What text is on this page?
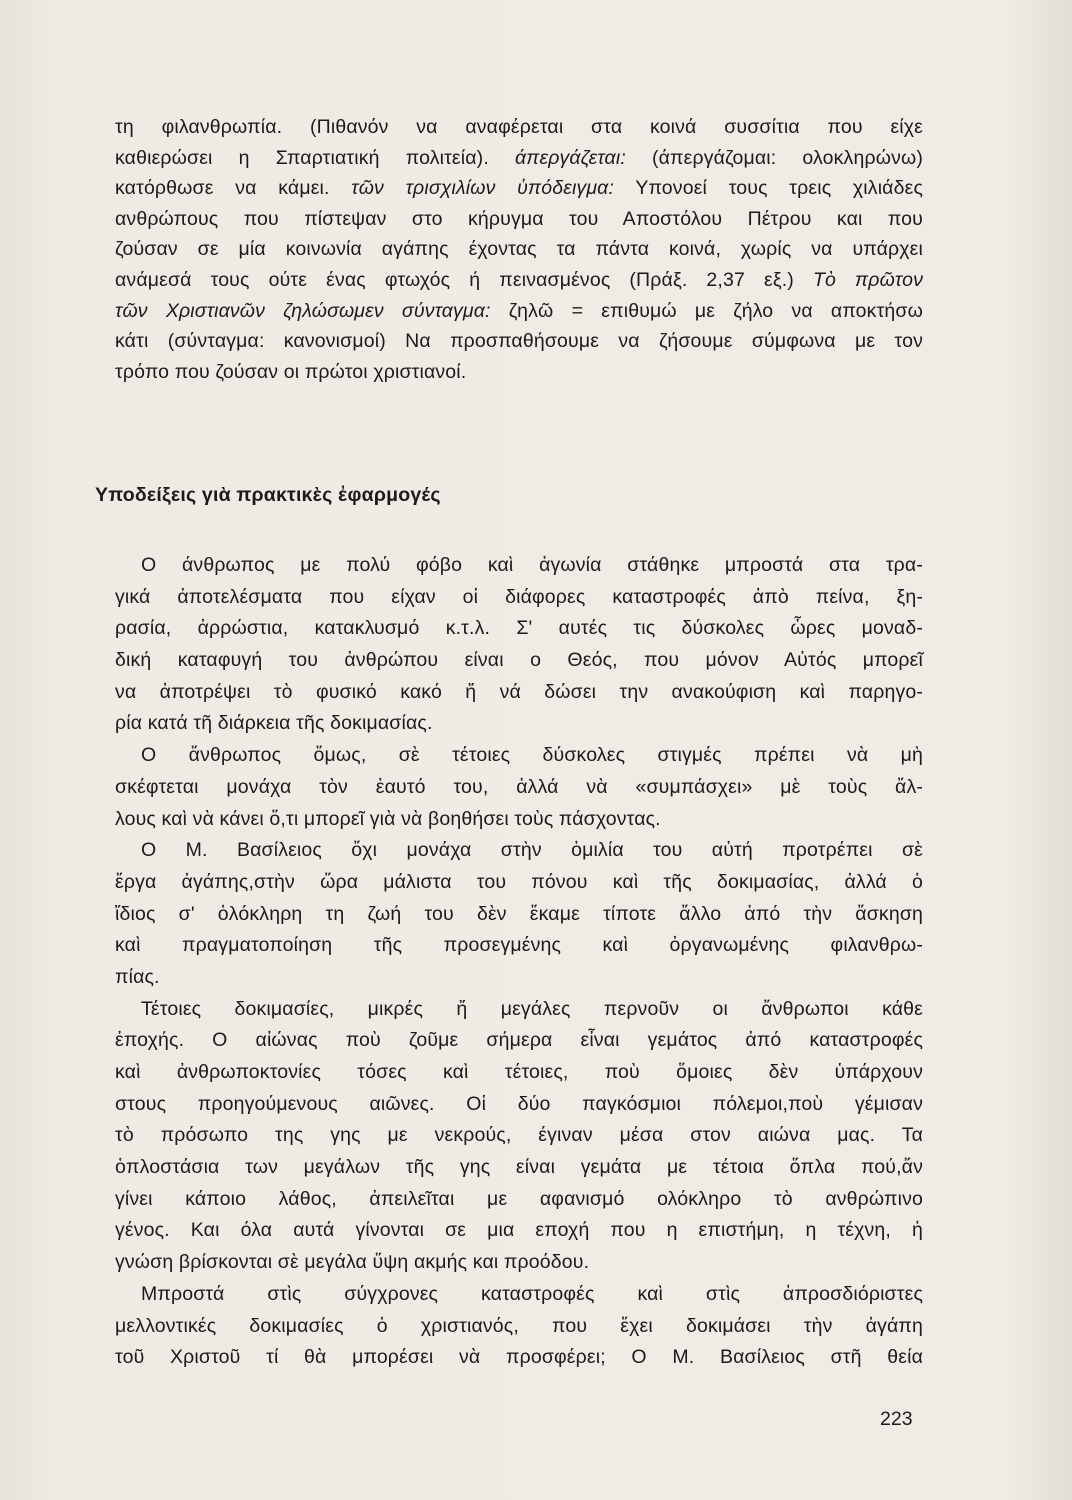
τη φιλανθρωπία. (Πιθανόν να αναφέρεται στα κοινά συσσίτια που είχε
καθιερώσει η Σπαρτιατική πολιτεία). άπεργάζεται: (άπεργάζομαι: ολοκληρώνω)
κατόρθωσε να κάμει. τῶν τρισχιλίων ὑπόδειγμα: Υπονοεί τους τρεις χιλιάδες
ανθρώπους που πίστεψαν στο κήρυγμα του Αποστόλου Πέτρου και που
ζούσαν σε μία κοινωνία αγάπης έχοντας τα πάντα κοινά, χωρίς να υπάρχει
ανάμεσά τους ούτε ένας φτωχός ή πεινασμένος (Πράξ. 2,37 εξ.) Τὸ πρῶτον
τῶν Χριστιανῶν ζηλώσωμεν σύνταγμα: ζηλῶ = επιθυμώ με ζήλο να αποκτήσω
κάτι (σύνταγμα: κανονισμοί) Να προσπαθήσουμε να ζήσουμε σύμφωνα με τον
τρόπο που ζούσαν οι πρώτοι χριστιανοί.
Υποδείξεις γιὰ πρακτικὲς ἐφαρμογές
Ο άνθρωπος με πολύ φόβο καὶ ἀγωνία στάθηκε μπροστά στα τρα-
γικά ἀποτελέσματα που είχαν οἱ διάφορες καταστροφές ἀπὸ πείνα, ξη-
ρασία, ἀρρώστια, κατακλυσμό κ.τ.λ. Σ' αυτές τις δύσκολες ὧρες μοναδ-
δική καταφυγή του ἀνθρώπου είναι ο Θεός, που μόνον Αὐτός μπορεῖ
να ἀποτρέψει τὸ φυσικό κακό ἤ νά δώσει την ανακούφιση καὶ παρηγο-
ρία κατά τῆ διάρκεια τῆς δοκιμασίας.
Ο ἄνθρωπος ὅμως, σὲ τέτοιες δύσκολες στιγμές πρέπει νὰ μὴ
σκέφτεται μονάχα τὸν ἑαυτό του, ἀλλά νὰ «συμπάσχει» μὲ τοὺς ἄλ-
λους καὶ νὰ κάνει ὅ,τι μπορεῖ γιὰ νὰ βοηθήσει τοὺς πάσχοντας.
Ο Μ. Βασίλειος ὄχι μονάχα στὴν ὁμιλία του αὐτή προτρέπει σὲ
ἔργα ἀγάπης,στὴν ὥρα μάλιστα του πόνου καὶ τῆς δοκιμασίας, ἀλλά ὁ
ἴδιος σ' ὁλόκληρη τη ζωή του δὲν ἔκαμε τίποτε ἄλλο ἀπό τὴν ἄσκηση
καὶ πραγματοποίηση τῆς προσεγμένης καὶ ὀργανωμένης φιλανθρω-
πίας.
Τέτοιες δοκιμασίες, μικρές ἤ μεγάλες περνοῦν οι ἄνθρωποι κάθε
ἐποχής. Ο αἰώνας ποὺ ζοῦμε σήμερα εἶναι γεμάτος ἀπό καταστροφές
καὶ ἀνθρωποκτονίες τόσες καὶ τέτοιες, ποὺ ὅμοιες δὲν ὑπάρχουν
στους προηγούμενους αιῶνες. Οἱ δύο παγκόσμιοι πόλεμοι,ποὺ γέμισαν
τὸ πρόσωπο της γης με νεκρούς, έγιναν μέσα στον αιώνα μας. Τα
ὁπλοστάσια των μεγάλων τῆς γης είναι γεμάτα με τέτοια ὅπλα πού,ἄν
γίνει κάποιο λάθος, ἀπειλεῖται με αφανισμό ολόκληρο τὸ ανθρώπινο
γένος. Και όλα αυτά γίνονται σε μια εποχή που η επιστήμη, η τέχνη, ἡ
γνώση βρίσκονται σὲ μεγάλα ὕψη ακμής και προόδου.
Μπροστά στὶς σύγχρονες καταστροφές καὶ στὶς ἀπροσδιόριστες
μελλοντικές δοκιμασίες ὁ χριστιανός, που ἔχει δοκιμάσει τὴν ἀγάπη
τοῦ Χριστοῦ τί θὰ μπορέσει νὰ προσφέρει; Ο Μ. Βασίλειος στῆ θεία
223
